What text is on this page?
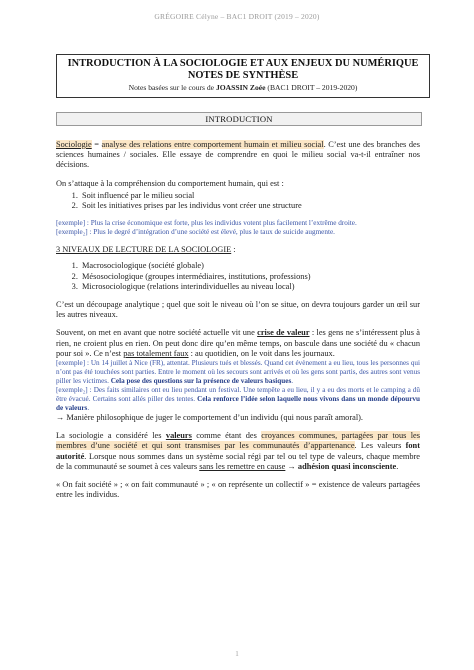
GRÉGOIRE Célyne – BAC1 DROIT (2019 – 2020)
INTRODUCTION À LA SOCIOLOGIE ET AUX ENJEUX DU NUMÉRIQUE
NOTES DE SYNTHÈSE
Notes basées sur le cours de JOASSIN Zoée (BAC1 DROIT – 2019-2020)
INTRODUCTION

Sociologie = analyse des relations entre comportement humain et milieu social. C’est une des branches des sciences humaines / sociales. Elle essaye de comprendre en quoi le milieu social va-t-il entraîner nos décisions.

On s’attaque à la compréhension du comportement humain, qui est :

1. Soit influencé par le milieu social
2. Soit les initiatives prises par les individus vont créer une structure

[exemple] : Plus la crise économique est forte, plus les individus votent plus facilement l’extrême droite.

[exemple₂] : Plus le degré d’intégration d’une société est élevé, plus le taux de suicide augmente.

3 NIVEAUX DE LECTURE DE LA SOCIOLOGIE :

1. Macrosociologique (société globale)
2. Mésosociologique (groupes intermédiaires, institutions, professions)
3. Microsociologique (relations interindividuelles au niveau local)

C’est un découpage analytique ; quel que soit le niveau où l’on se situe, on devra toujours garder un œil sur les autres niveaux.

Souvent, on met en avant que notre société actuelle vit une crise de valeur : les gens ne s’intéressent plus à rien, ne croient plus en rien. On peut donc dire qu’en même temps, on bascule dans une société du « chacun pour soi ». Ce n’est pas totalement faux : au quotidien, on le voit dans les journaux.

[exemple] : Un 14 juillet à Nice (FR), attentat. Plusieurs tués et blessés. Quand cet évènement a eu lieu, tous les personnes qui n’ont pas été touchées sont parties. Entre le moment où les secours sont arrivés et où les gens sont partis, des autres sont venus piller les victimes. Cela pose des questions sur la présence de valeurs basiques.

[exemple₂] : Des faits similaires ont eu lieu pendant un festival. Une tempête a eu lieu, il y a eu des morts et le camping a dû être évacué. Certains sont allés piller des tentes. Cela renforce l’idée selon laquelle nous vivons dans un monde dépourvu de valeurs.

→ Manière philosophique de juger le comportement d’un individu (qui nous paraît amoral).

La sociologie a considéré les valeurs comme étant des croyances communes, partagées par tous les membres d’une société et qui sont transmises par les communautés d’appartenance. Les valeurs font autorité. Lorsque nous sommes dans un système social régi par tel ou tel type de valeurs, chaque membre de la communauté se soumet à ces valeurs sans les remettre en cause → adhésion quasi inconsciente.

« On fait société » ; « on fait communauté » ; « on représente un collectif » = existence de valeurs partagées entre les individus.

1
